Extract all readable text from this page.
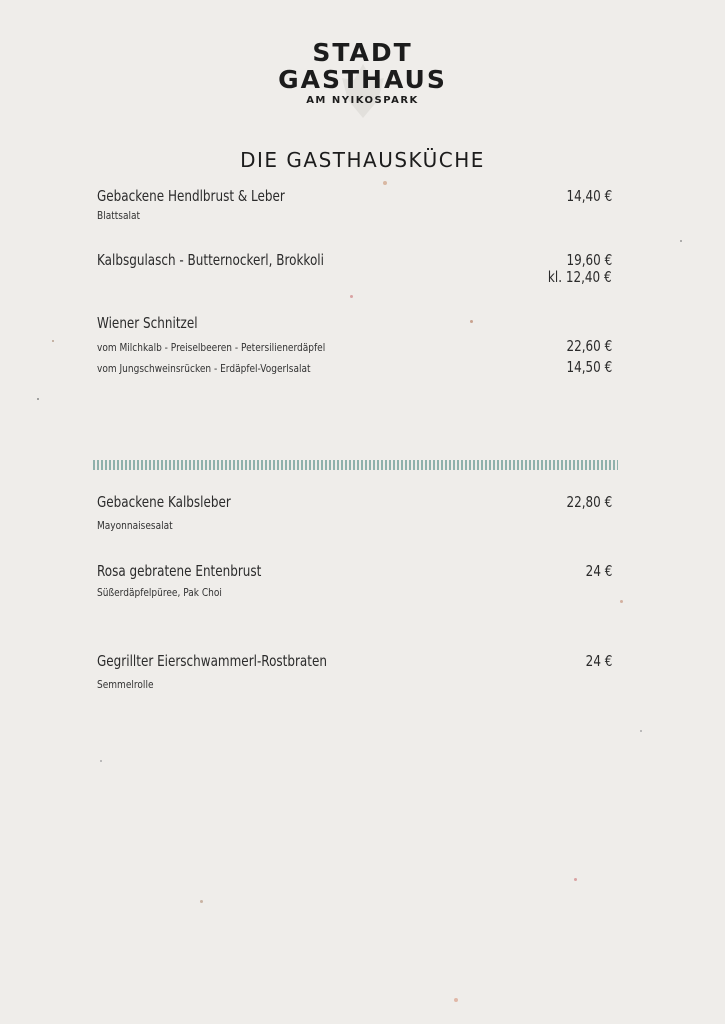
STADT
GASTHAUS
AM NYIKOSPARK
DIE GASTHAUSKÜCHE
Gebackene Hendlbrust & Leber
Blattsalat
14,40 €
Kalbsgulasch - Butternockerl, Brokkoli	19,60 €
kl. 12,40 €
Wiener Schnitzel
vom Milchkalb - Preiselbeeren - Petersilienerdäpfel	22,60 €
vom Jungschweinsrücken - Erdäpfel-Vogerlsalat	14,50 €
Gebackene Kalbsleber
Mayonnaisesalat
22,80 €
Rosa gebratene Entenbrust
Süßerdäpfelpüree, Pak Choi
24 €
Gegrillter Eierschwammerl-Rostbraten
Semmelrolle
24 €
